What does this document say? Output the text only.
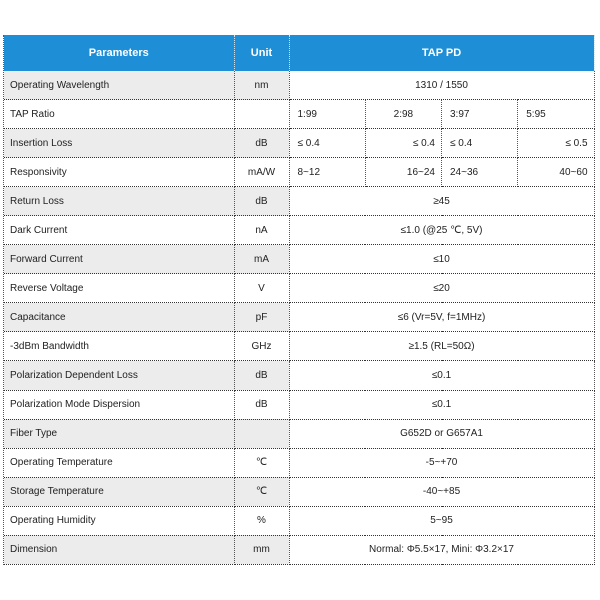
Parameters	Unit	TAP PD			
Operating Wavelength	nm	1310 / 1550			
TAP Ratio		1:99	2:98	3:97	5:95
Insertion Loss	dB	≤ 0.4	≤ 0.4	≤ 0.4	≤ 0.5
Responsivity	mA/W	8~12	16~24	24~36	40~60
Return Loss	dB	≥45			
Dark Current	nA	≤1.0 (@25 ℃, 5V)			
Forward Current	mA	≤10			
Reverse Voltage	V	≤20			
Capacitance	pF	≤6 (Vr=5V, f=1MHz)			
-3dBm Bandwidth	GHz	≥1.5 (RL=50Ω)			
Polarization Dependent Loss	dB	≤0.1			
Polarization Mode Dispersion	dB	≤0.1			
Fiber Type		G652D or G657A1			
Operating Temperature	℃	-5~+70			
Storage Temperature	℃	-40~+85			
Operating Humidity	%	5~95			
Dimension	mm	Normal: Φ5.5×17, Mini: Φ3.2×17			
